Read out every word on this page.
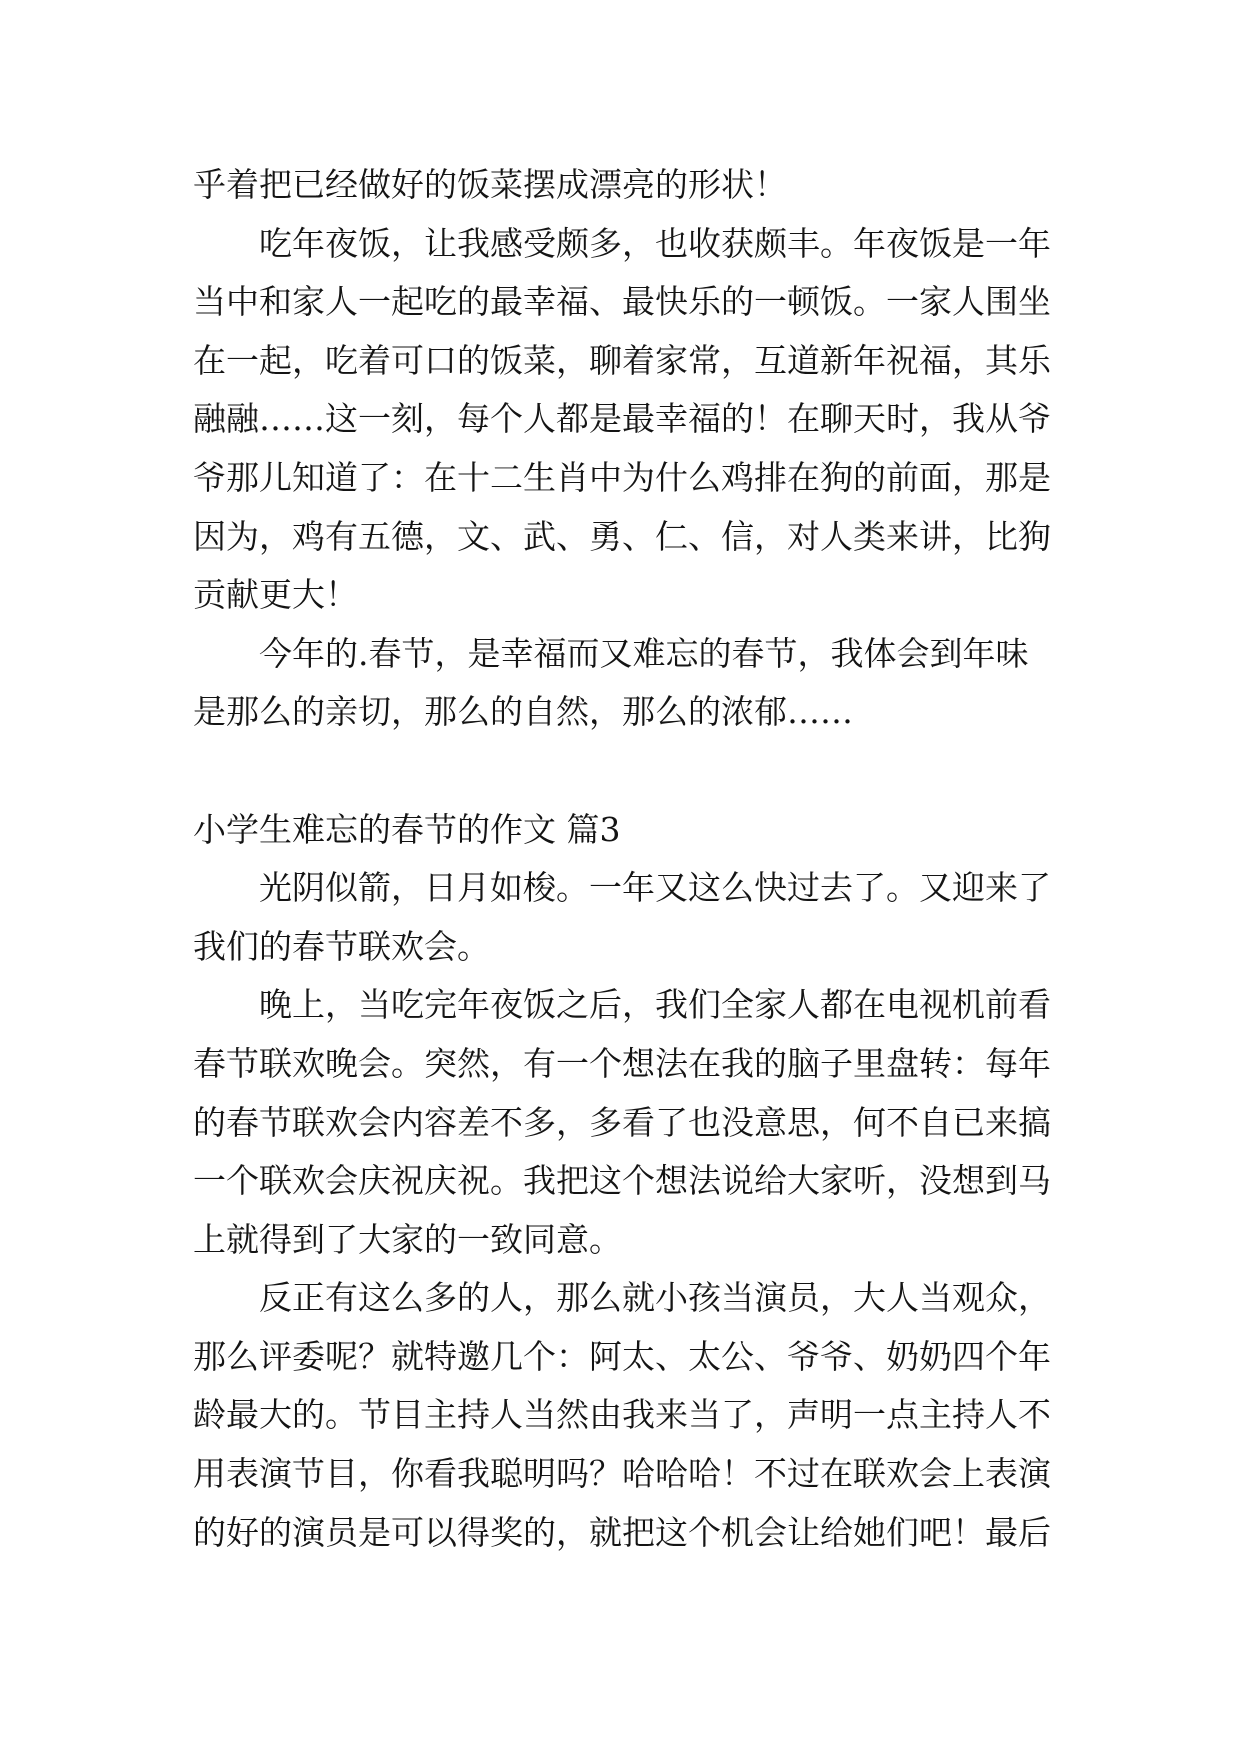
乎着把已经做好的饭菜摆成漂亮的形状！
吃年夜饭，让我感受颇多，也收获颇丰。年夜饭是一年
当中和家人一起吃的最幸福、最快乐的一顿饭。一家人围坐
在一起，吃着可口的饭菜，聊着家常，互道新年祝福，其乐
融融……这一刻，每个人都是最幸福的！在聊天时，我从爷
爷那儿知道了：在十二生肖中为什么鸡排在狗的前面，那是
因为，鸡有五德，文、武、勇、仁、信，对人类来讲，比狗
贡献更大！
今年的.春节，是幸福而又难忘的春节，我体会到年味
是那么的亲切，那么的自然，那么的浓郁……
小学生难忘的春节的作文 篇3
光阴似箭，日月如梭。一年又这么快过去了。又迎来了
我们的春节联欢会。
晚上，当吃完年夜饭之后，我们全家人都在电视机前看
春节联欢晚会。突然，有一个想法在我的脑子里盘转：每年
的春节联欢会内容差不多，多看了也没意思，何不自已来搞
一个联欢会庆祝庆祝。我把这个想法说给大家听，没想到马
上就得到了大家的一致同意。
反正有这么多的人，那么就小孩当演员，大人当观众，
那么评委呢？就特邀几个：阿太、太公、爷爷、奶奶四个年
龄最大的。节目主持人当然由我来当了，声明一点主持人不
用表演节目，你看我聪明吗？哈哈哈！不过在联欢会上表演
的好的演员是可以得奖的，就把这个机会让给她们吧！最后
